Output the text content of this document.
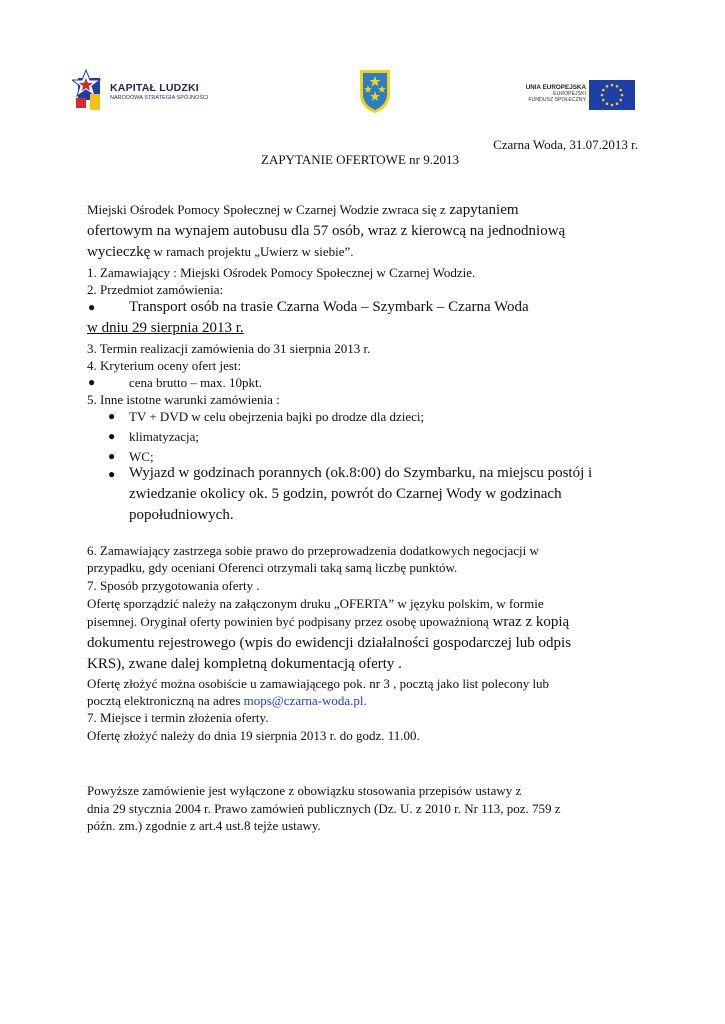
KAPITAŁ LUDZKI
NARODOWA STRATEGIA SPÓJNOŚCI
UNIA EUROPEJSKA
EUROPEJSKI
FUNDUSZ SPOŁECZNY
Czarna Woda, 31.07.2013 r.
ZAPYTANIE OFERTOWE nr 9.2013
Miejski Ośrodek Pomocy Społecznej w Czarnej Wodzie zwraca się z zapytaniem
ofertowym na wynajem autobusu dla 57 osób, wraz z kierowcą na jednodniową
wycieczkę w ramach projektu „Uwierz w siebie”.
1. Zamawiający : Miejski Ośrodek Pomocy Społecznej w Czarnej Wodzie.
2. Przedmiot zamówienia:
● Transport osób na trasie Czarna Woda – Szymbark – Czarna Woda
w dniu 29 sierpnia 2013 r.
3. Termin realizacji zamówienia do 31 sierpnia 2013 r.
4. Kryterium oceny ofert jest:
●	cena brutto – max. 10pkt.
5. Inne istotne warunki zamówienia :
● TV + DVD w celu obejrzenia bajki po drodze dla dzieci;
● klimatyzacja;
● WC;
● Wyjazd w godzinach porannych (ok.8:00) do Szymbarku, na miejscu postój i
zwiedzanie okolicy ok. 5 godzin, powrót do Czarnej Wody w godzinach
popołudniowych.
6. Zamawiający zastrzega sobie prawo do przeprowadzenia dodatkowych negocjacji w
przypadku, gdy oceniani Oferenci otrzymali taką samą liczbę punktów.
7. Sposób przygotowania oferty .
Ofertę sporządzić należy na załączonym druku „OFERTA” w języku polskim, w formie
pisemnej. Oryginał oferty powinien być podpisany przez osobę upoważnioną wraz z kopią
dokumentu rejestrowego (wpis do ewidencji działalności gospodarczej lub odpis
KRS), zwane dalej kompletną dokumentacją oferty .
Ofertę złożyć można osobiście u zamawiającego pok. nr 3 , pocztą jako list polecony lub
pocztą elektroniczną na adres mops@czarna-woda.pl.
7. Miejsce i termin złożenia oferty.
Ofertę złożyć należy do dnia 19 sierpnia 2013 r. do godz. 11.00.
Powyższe zamówienie jest wyłączone z obowiązku stosowania przepisów ustawy z
dnia 29 stycznia 2004 r. Prawo zamówień publicznych (Dz. U. z 2010 r. Nr 113, poz. 759 z
późn. zm.) zgodnie z art.4 ust.8 tejże ustawy.
